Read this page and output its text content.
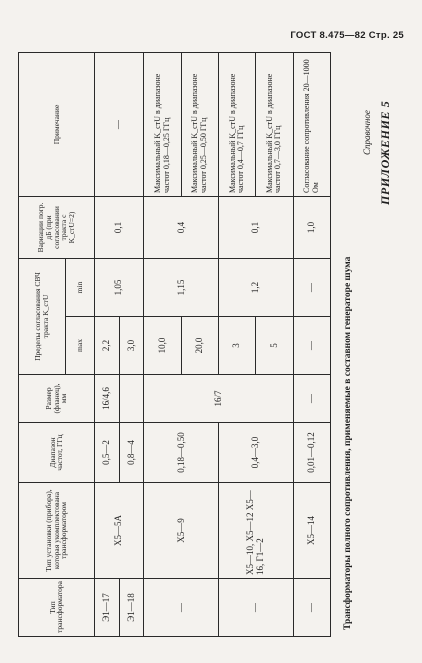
ГОСТ 8.475—82 Стр. 25
ПРИЛОЖЕНИЕ 5
Справочное
Трансформаторы полного сопротивления, применяемые в составном генераторе шума
Тип трансформатора	Тип установки (прибора), которая укомплектована трансформатором	Диапазон частот, ГГц	Размер (фланец), мм	Пределы согласования СВЧ тракта K_стU		Вариации погр. дБ (при согласовании тракта с K_стU=2)	Примечание
				max	min		
Э1—17	Х5—5А	0,5—2	16/4,6	2,2	1,05	0,1	—
Э1—18		0,8—4		3,0			
—	Х5—9	0,18—0,50	16/7	10,0	1,15	0,4	Максимальный K_стU в диапазоне частот 0,18—0,25 ГГц
				20,0			Максимальный K_стU в диапазоне частот 0,25—0,50 ГГц
—	Х5—10, Х5—12 Х5—16, Г1—2	0,4—3,0		3	1,2	0,1	Максимальный K_стU в диапазоне частот 0,4—0,7 ГГц
				5			Максимальный K_стU в диапазоне частот 0,7—3,0 ГГц
—	Х5—14	0,01—0,12	—	—	—	1,0	Согласование сопротивления 20—1000 Ом
